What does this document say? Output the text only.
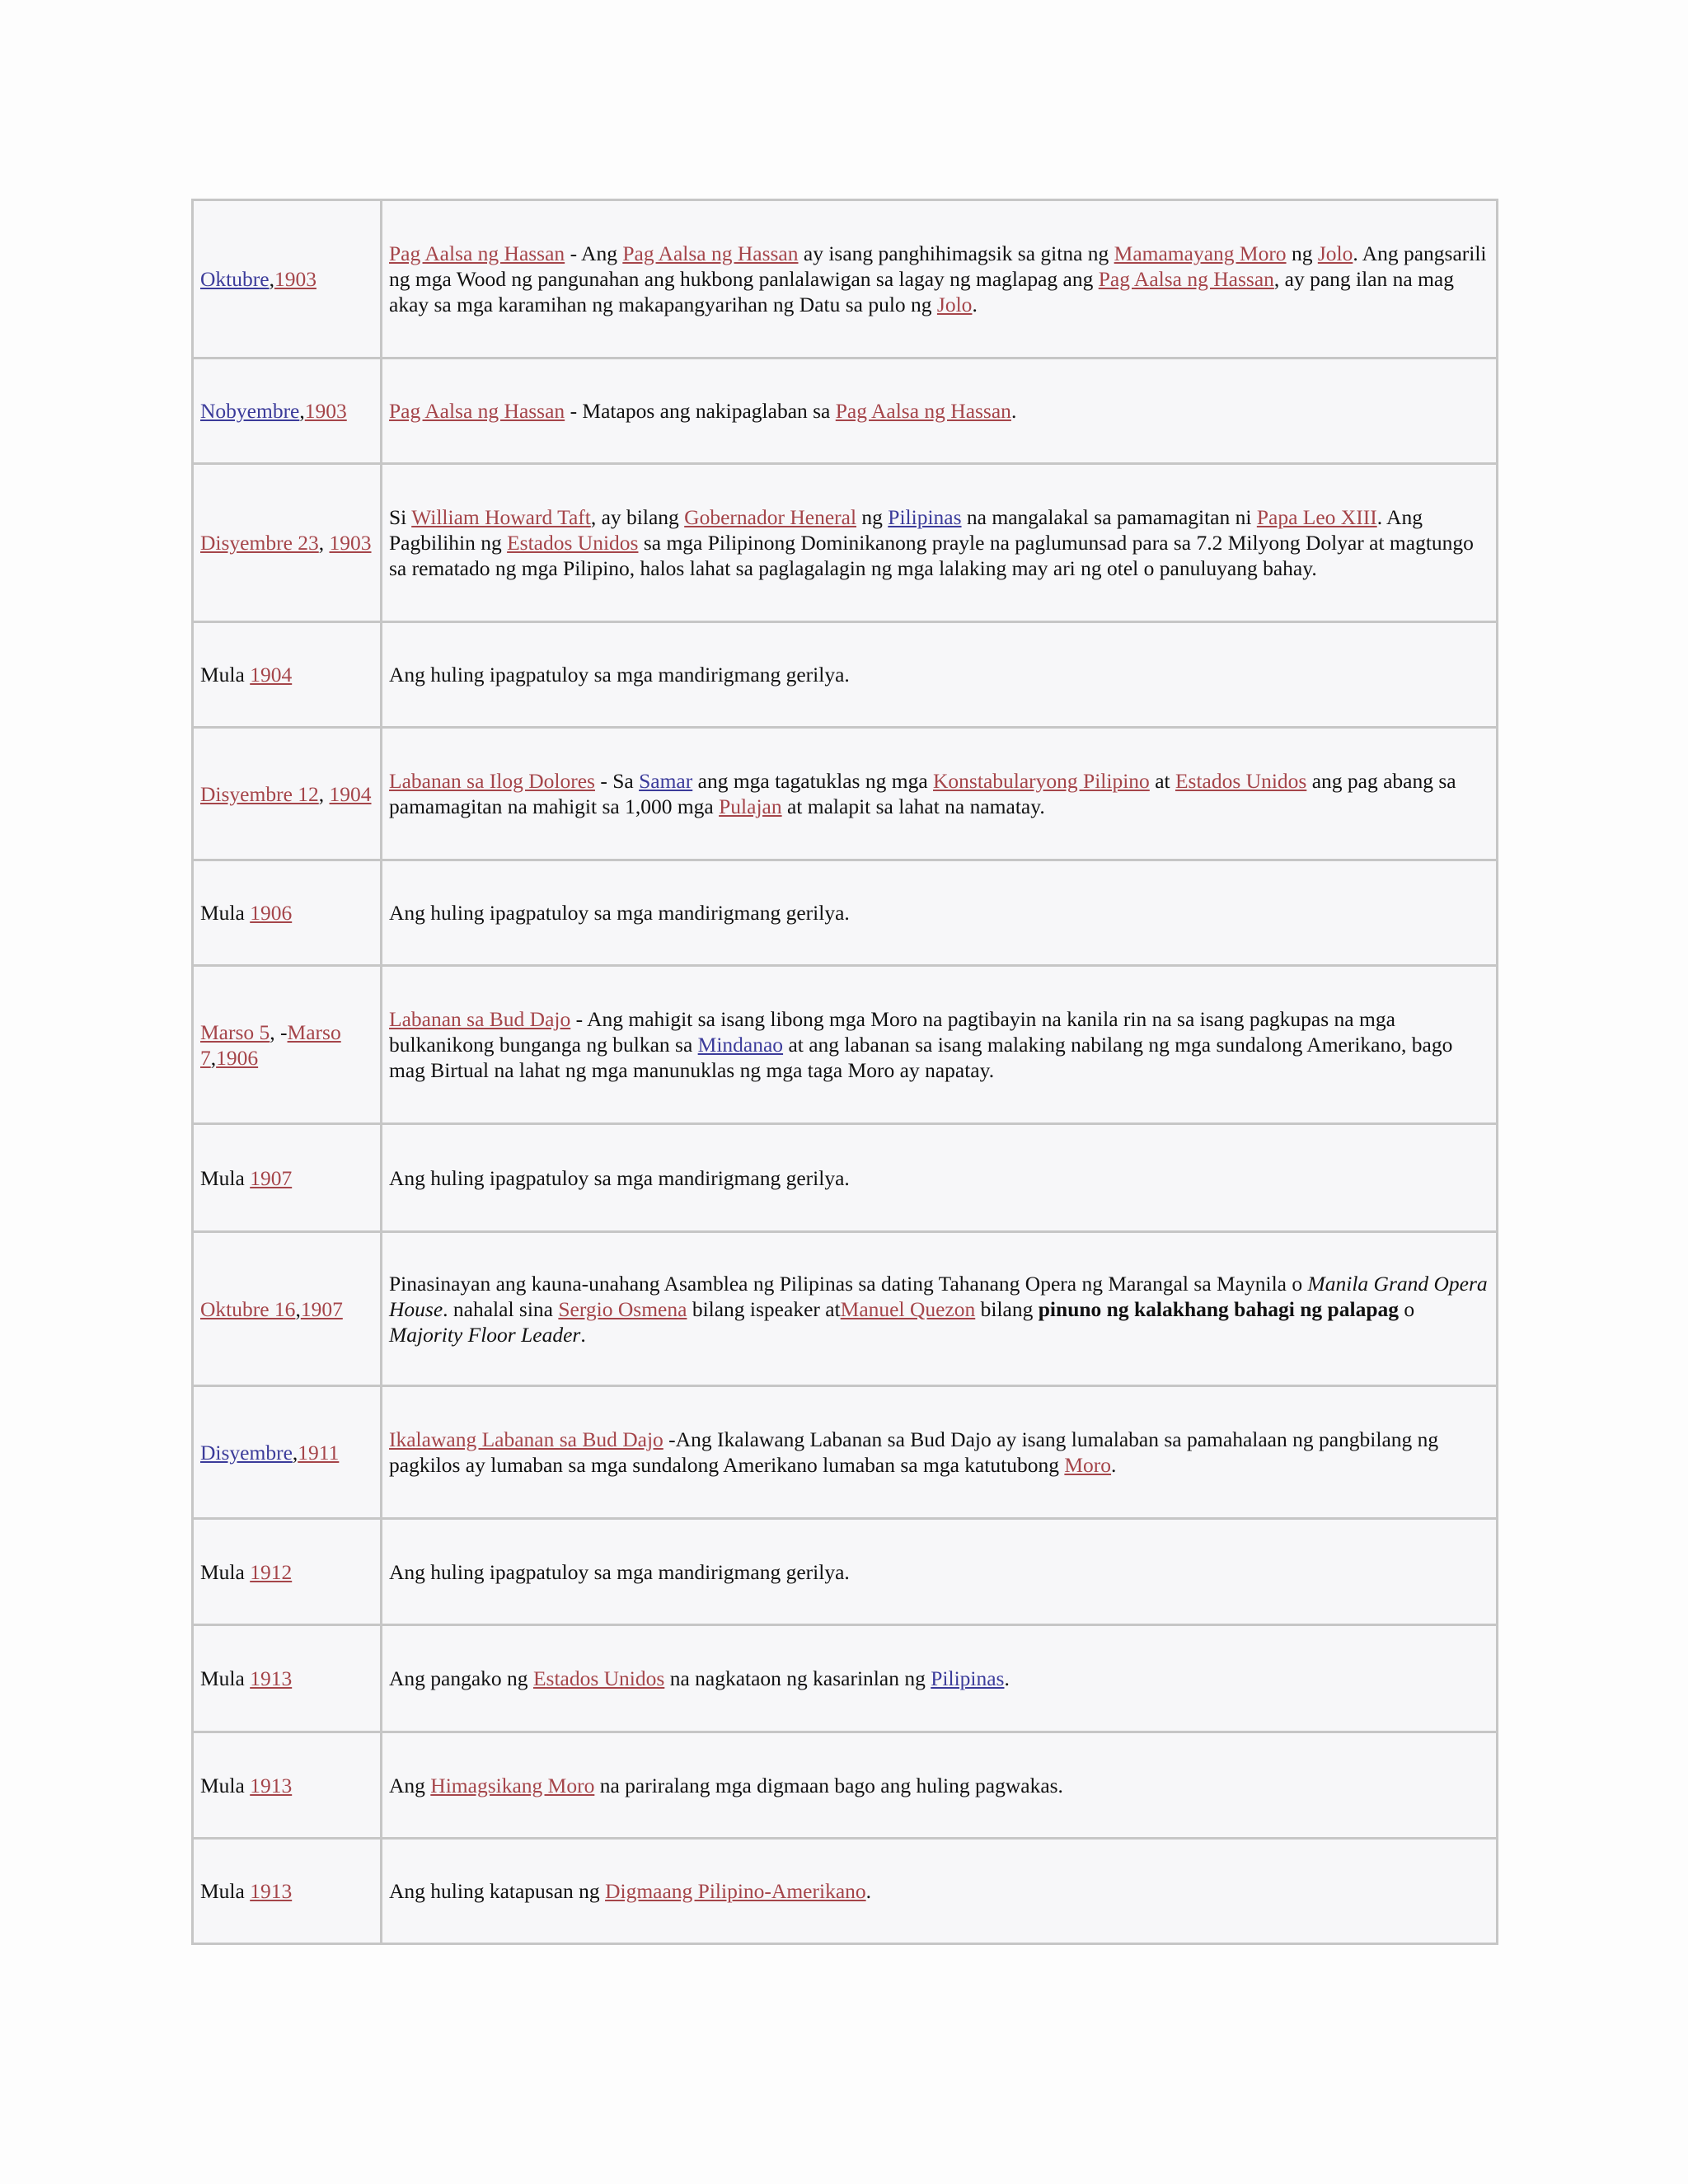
Oktubre,1903	Pag Aalsa ng Hassan - Ang Pag Aalsa ng Hassan ay isang panghihimagsik sa gitna ng Mamamayang Moro ng Jolo. Ang pangsarili ng mga Wood ng pangunahan ang hukbong panlalawigan sa lagay ng maglapag ang Pag Aalsa ng Hassan, ay pang ilan na mag akay sa mga karamihan ng makapangyarihan ng Datu sa pulo ng Jolo.
Nobyembre,1903	Pag Aalsa ng Hassan - Matapos ang nakipaglaban sa Pag Aalsa ng Hassan.
Disyembre 23, 1903	Si William Howard Taft, ay bilang Gobernador Heneral ng Pilipinas na mangalakal sa pamamagitan ni Papa Leo XIII. Ang Pagbilihin ng Estados Unidos sa mga Pilipinong Dominikanong prayle na paglumunsad para sa 7.2 Milyong Dolyar at magtungo sa rematado ng mga Pilipino, halos lahat sa paglagalagin ng mga lalaking may ari ng otel o panuluyang bahay.
Mula 1904	Ang huling ipagpatuloy sa mga mandirigmang gerilya.
Disyembre 12, 1904	Labanan sa Ilog Dolores - Sa Samar ang mga tagatuklas ng mga Konstabularyong Pilipino at Estados Unidos ang pag abang sa pamamagitan na mahigit sa 1,000 mga Pulajan at malapit sa lahat na namatay.
Mula 1906	Ang huling ipagpatuloy sa mga mandirigmang gerilya.
Marso 5, -Marso 7,1906	Labanan sa Bud Dajo - Ang mahigit sa isang libong mga Moro na pagtibayin na kanila rin na sa isang pagkupas na mga bulkanikong bunganga ng bulkan sa Mindanao at ang labanan sa isang malaking nabilang ng mga sundalong Amerikano, bago mag Birtual na lahat ng mga manunuklas ng mga taga Moro ay napatay.
Mula 1907	Ang huling ipagpatuloy sa mga mandirigmang gerilya.
Oktubre 16,1907	Pinasinayan ang kauna-unahang Asamblea ng Pilipinas sa dating Tahanang Opera ng Marangal sa Maynila o Manila Grand Opera House. nahalal sina Sergio Osmena bilang ispeaker atManuel Quezon bilang pinuno ng kalakhang bahagi ng palapag o Majority Floor Leader.
Disyembre,1911	Ikalawang Labanan sa Bud Dajo -Ang Ikalawang Labanan sa Bud Dajo ay isang lumalaban sa pamahalaan ng pangbilang ng pagkilos ay lumaban sa mga sundalong Amerikano lumaban sa mga katutubong Moro.
Mula 1912	Ang huling ipagpatuloy sa mga mandirigmang gerilya.
Mula 1913	Ang pangako ng Estados Unidos na nagkataon ng kasarinlan ng Pilipinas.
Mula 1913	Ang Himagsikang Moro na pariralang mga digmaan bago ang huling pagwakas.
Mula 1913	Ang huling katapusan ng Digmaang Pilipino-Amerikano.
